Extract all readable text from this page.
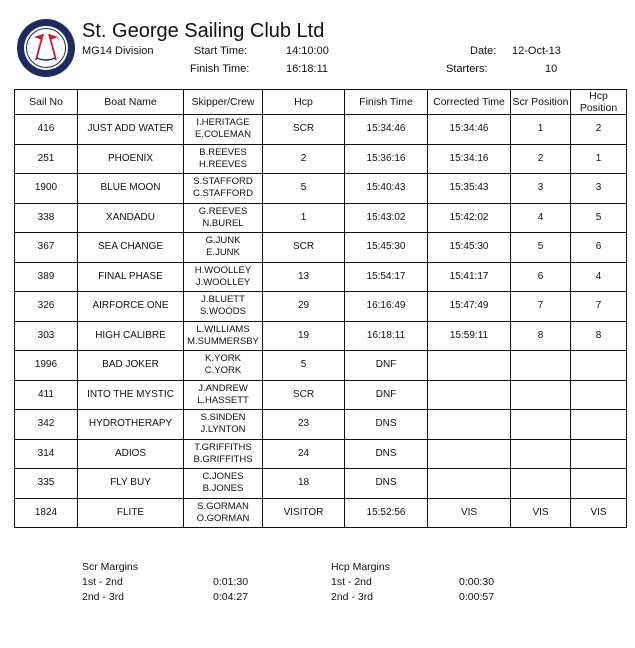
St. George Sailing Club Ltd
MG14 Division	Start Time:	14:10:00
Finish Time:	16:18:11
Date: 12-Oct-13
Starters:	10
Sail No	Boat Name	Skipper/Crew	Hcp	Finish Time	Corrected Time	Scr Position	Hcp Position
416	JUST ADD WATER	I.HERITAGE
E.COLEMAN	SCR	15:34:46	15:34:46	1	2
251	PHOENIX	B.REEVES
H.REEVES	2	15:36:16	15:34:16	2	1
1900	BLUE MOON	S.STAFFORD
C.STAFFORD	5	15:40:43	15:35:43	3	3
338	XANDADU	G.REEVES
N.BUREL	1	15:43:02	15:42:02	4	5
367	SEA CHANGE	G.JUNK
E.JUNK	SCR	15:45:30	15:45:30	5	6
389	FINAL PHASE	H.WOOLLEY
J.WOOLLEY	13	15:54:17	15:41:17	6	4
326	AIRFORCE ONE	J.BLUETT
S.WOODS	29	16:16:49	15:47:49	7	7
303	HIGH CALIBRE	L.WILLIAMS
M.SUMMERSBY	19	16:18:11	15:59:11	8	8
1996	BAD JOKER	K.YORK
C.YORK	5	DNF			
411	INTO THE MYSTIC	J.ANDREW
L.HASSETT	SCR	DNF			
342	HYDROTHERAPY	S.SINDEN
J.LYNTON	23	DNS			
314	ADIOS	T.GRIFFITHS
B.GRIFFITHS	24	DNS			
335	FLY BUY	C.JONES
B.JONES	18	DNS			
1824	FLITE	S.GORMAN
O.GORMAN	VISITOR	15:52:56	VIS	VIS	VIS
Scr Margins
1st - 2nd	0:01:30
2nd - 3rd	0:04:27
Hcp Margins
1st - 2nd	0:00:30
2nd - 3rd	0:00:57
